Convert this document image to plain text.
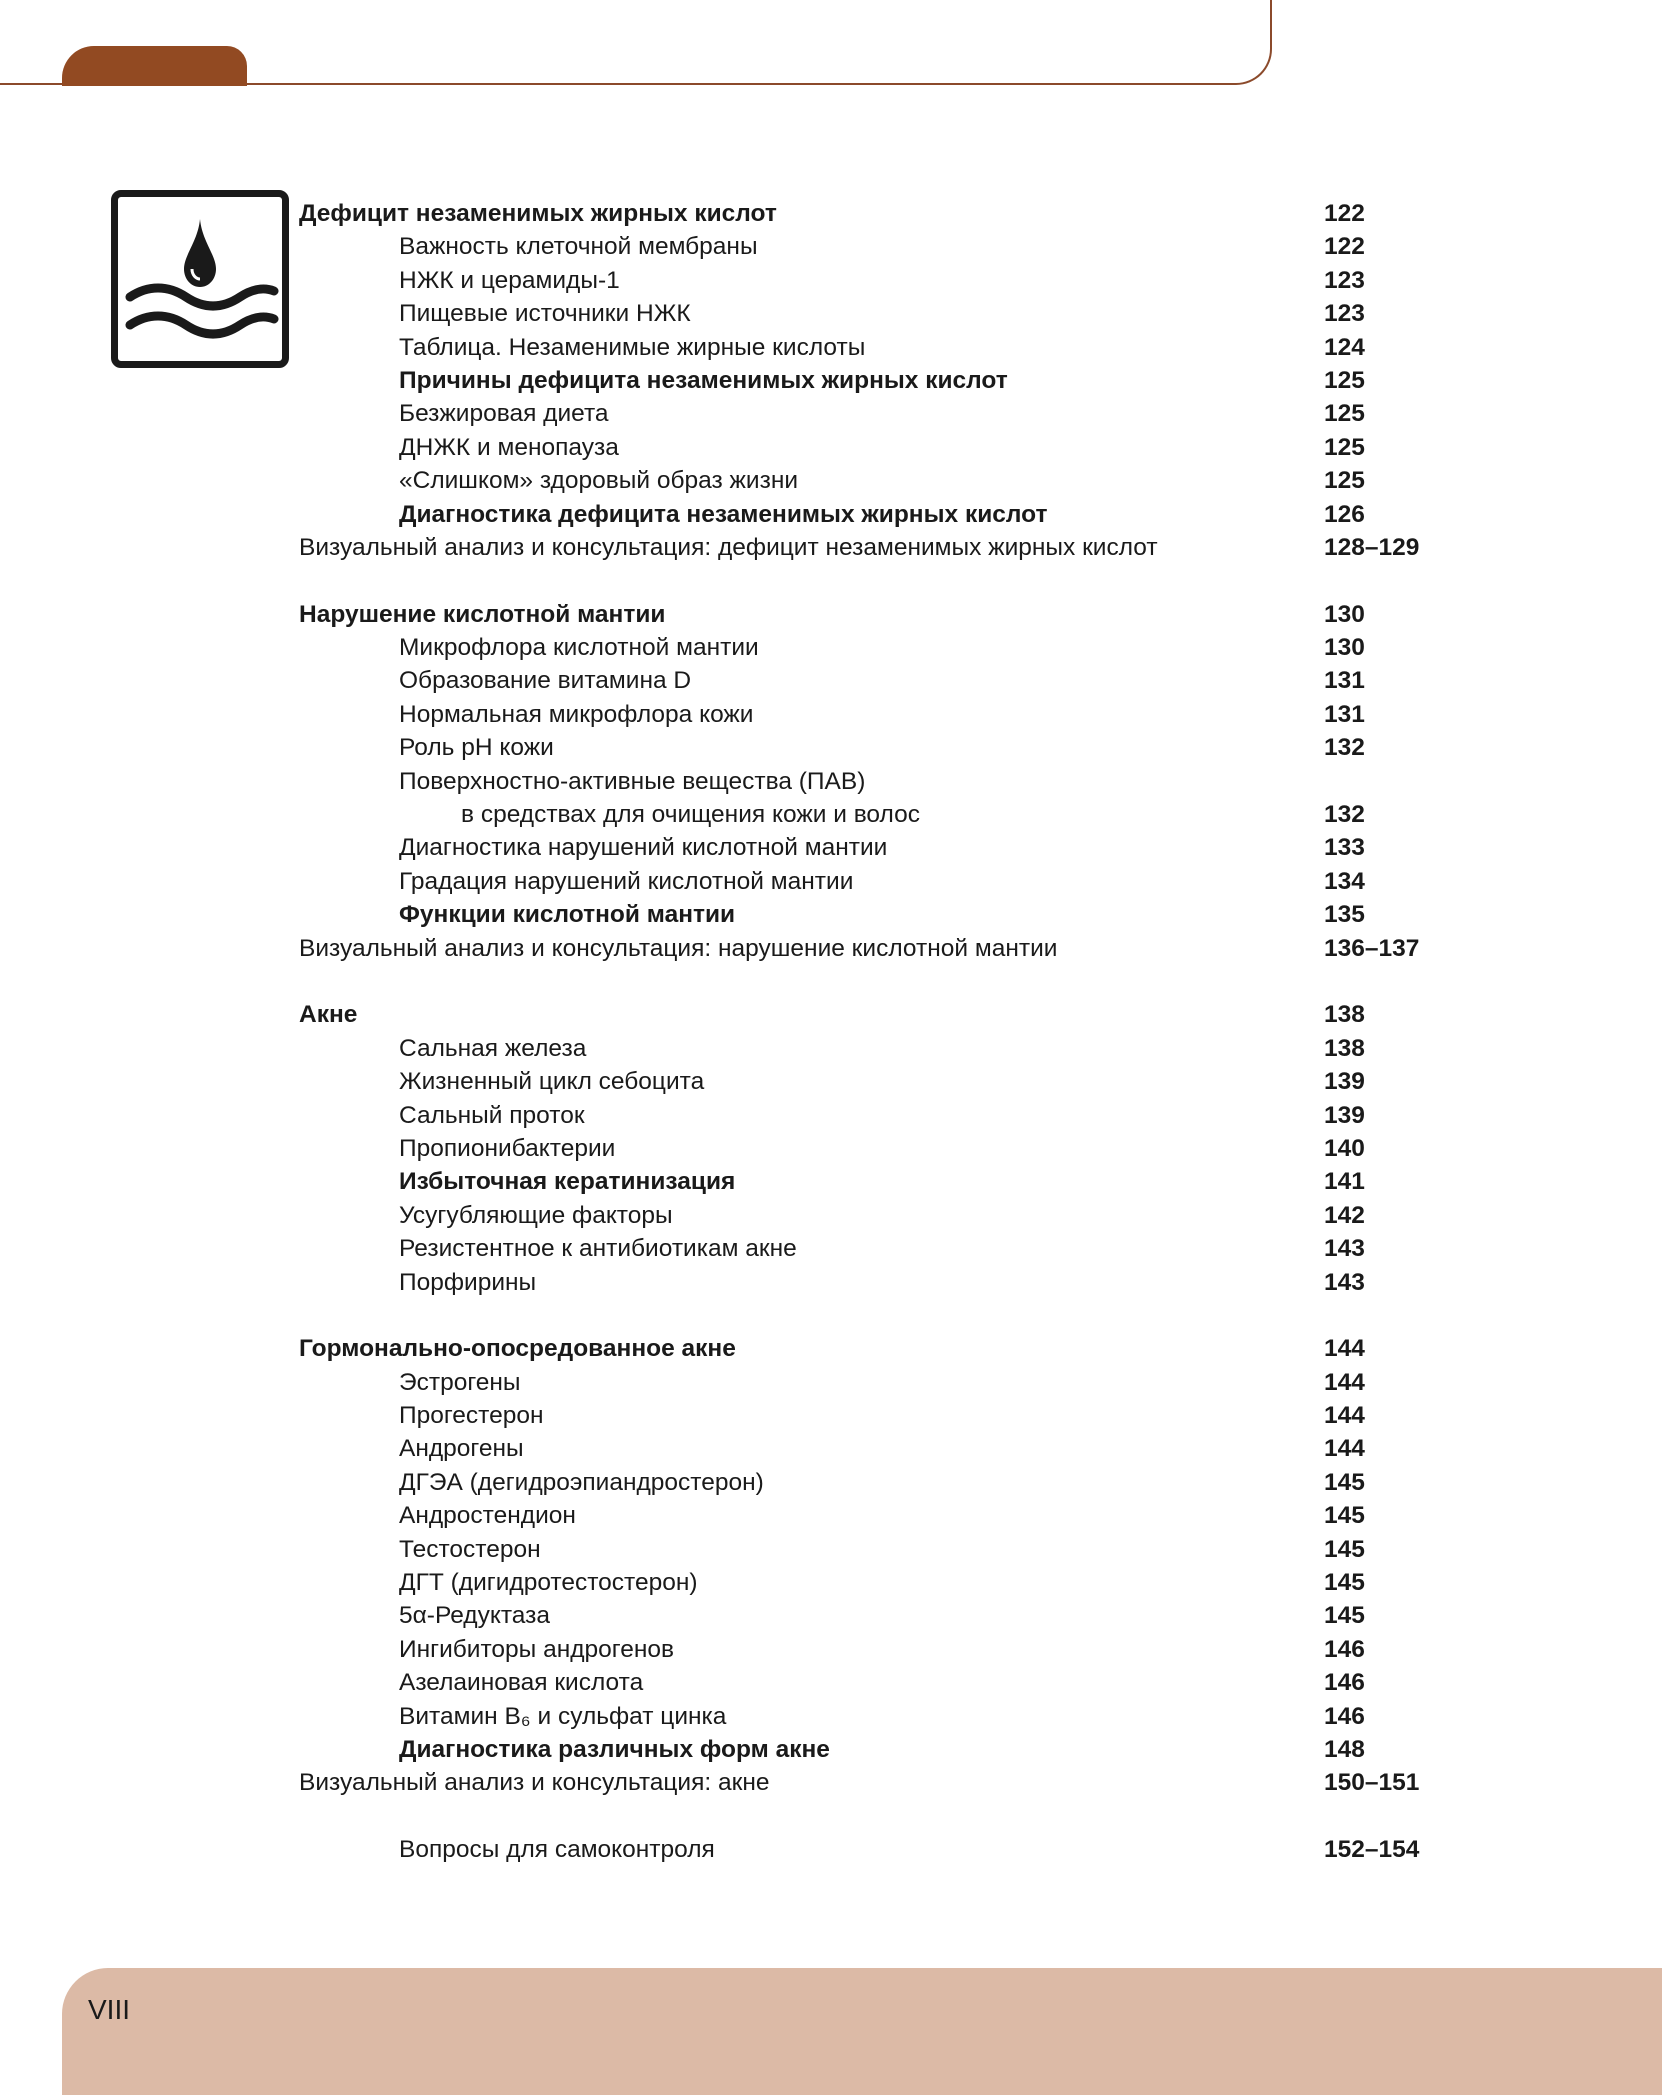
Дефицит незаменимых жирных кислот	122
Важность клеточной мембраны	122
НЖК и церамиды-1	123
Пищевые источники НЖК	123
Таблица. Незаменимые жирные кислоты	124
Причины дефицита незаменимых жирных кислот	125
Безжировая диета	125
ДНЖК и менопауза	125
«Слишком» здоровый образ жизни	125
Диагностика дефицита незаменимых жирных кислот	126
Визуальный анализ и консультация: дефицит незаменимых жирных кислот	128–129
Нарушение кислотной мантии	130
Микрофлора кислотной мантии	130
Образование витамина D	131
Нормальная микрофлора кожи	131
Роль pH кожи	132
Поверхностно-активные вещества (ПАВ)
в средствах для очищения кожи и волос	132
Диагностика нарушений кислотной мантии	133
Градация нарушений кислотной мантии	134
Функции кислотной мантии	135
Визуальный анализ и консультация: нарушение кислотной мантии	136–137
Акне	138
Сальная железа	138
Жизненный цикл себоцита	139
Сальный проток	139
Пропионибактерии	140
Избыточная кератинизация	141
Усугубляющие факторы	142
Резистентное к антибиотикам акне	143
Порфирины	143
Гормонально-опосредованное акне	144
Эстрогены	144
Прогестерон	144
Андрогены	144
ДГЭА (дегидроэпиандростерон)	145
Андростендион	145
Тестостерон	145
ДГТ (дигидротестостерон)	145
5α-Редуктаза	145
Ингибиторы андрогенов	146
Азелаиновая кислота	146
Витамин B₆ и сульфат цинка	146
Диагностика различных форм акне	148
Визуальный анализ и консультация: акне	150–151
Вопросы для самоконтроля	152–154
VIII
